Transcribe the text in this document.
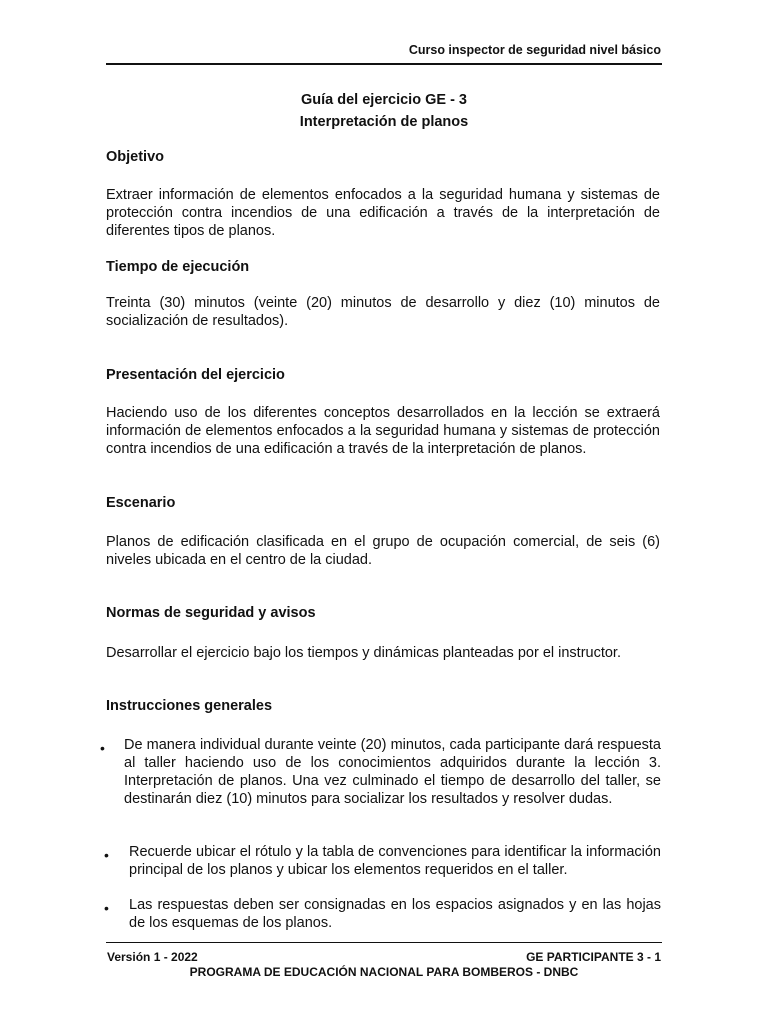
Curso inspector de seguridad nivel básico
Guía del ejercicio GE - 3
Interpretación de planos
Objetivo

Extraer información de elementos enfocados a la seguridad humana y sistemas de protección contra incendios de una edificación a través de la interpretación de diferentes tipos de planos.

Tiempo de ejecución

Treinta (30) minutos (veinte (20) minutos de desarrollo y diez (10) minutos de socialización de resultados).

Presentación del ejercicio

Haciendo uso de los diferentes conceptos desarrollados en la lección se extraerá información de elementos enfocados a la seguridad humana y sistemas de protección contra incendios de una edificación a través de la interpretación de planos.

Escenario

Planos de edificación clasificada en el grupo de ocupación comercial, de seis (6) niveles ubicada en el centro de la ciudad.

Normas de seguridad y avisos

Desarrollar el ejercicio bajo los tiempos y dinámicas planteadas por el instructor.

Instrucciones generales
• De manera individual durante veinte (20) minutos, cada participante dará respuesta al taller haciendo uso de los conocimientos adquiridos durante la lección 3. Interpretación de planos. Una vez culminado el tiempo de desarrollo del taller, se destinarán diez (10) minutos para socializar los resultados y resolver dudas.

• Recuerde ubicar el rótulo y la tabla de convenciones para identificar la información principal de los planos y ubicar los elementos requeridos en el taller.

• Las respuestas deben ser consignadas en los espacios asignados y en las hojas de los esquemas de los planos.

Versión 1 - 2022	GE PARTICIPANTE 3 - 1
PROGRAMA DE EDUCACIÓN NACIONAL PARA BOMBEROS - DNBC
